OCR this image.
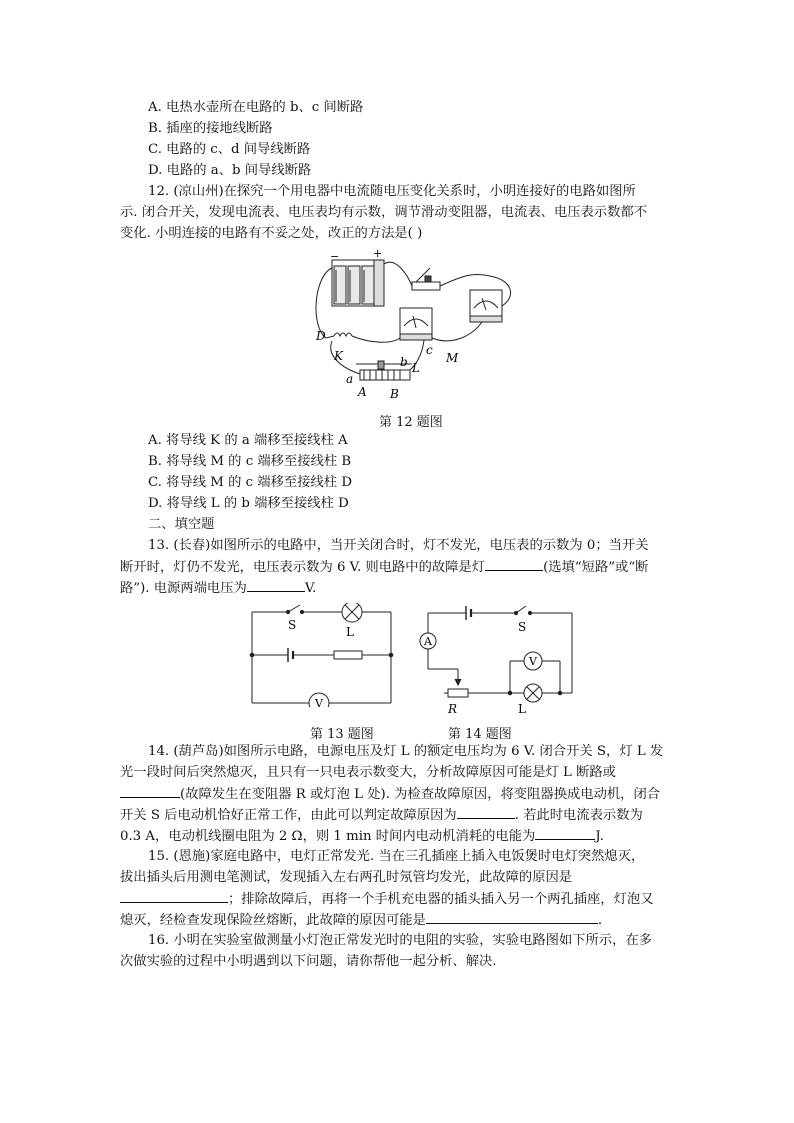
A. 电热水壶所在电路的 b、c 间断路
B. 插座的接地线断路
C. 电路的 c、d 间导线断路
D. 电路的 a、b 间导线断路
12. (凉山州)在探究一个用电器中电流随电压变化关系时，小明连接好的电路如图所
示. 闭合开关，发现电流表、电压表均有示数，调节滑动变阻器，电流表、电压表示数都不
变化. 小明连接的电路有不妥之处，改正的方法是( )
−	+
D
K
a
b L
c
M
A B
第 12 题图
A. 将导线 K 的 a 端移至接线柱 A
B. 将导线 M 的 c 端移至接线柱 B
C. 将导线 M 的 c 端移至接线柱 D
D. 将导线 L 的 b 端移至接线柱 D
二、填空题
13. (长春)如图所示的电路中，当开关闭合时，灯不发光，电压表的示数为 0；当开关
断开时，灯仍不发光，电压表示数为 6 V. 则电路中的故障是灯	(选填“短路”或“断
路”). 电源两端电压为	V.
S	L
V
A
S
V
R	L
第 13 题图	第 14 题图
14. (葫芦岛)如图所示电路，电源电压及灯 L 的额定电压均为 6 V. 闭合开关 S，灯 L 发
光一段时间后突然熄灭，且只有一只电表示数变大，分析故障原因可能是灯 L 断路或
(故障发生在变阻器 R 或灯泡 L 处). 为检查故障原因，将变阻器换成电动机，闭合
开关 S 后电动机恰好正常工作，由此可以判定故障原因为	. 若此时电流表示数为
0.3 A，电动机线圈电阻为 2 Ω，则 1 min 时间内电动机消耗的电能为	J.
15. (恩施)家庭电路中，电灯正常发光. 当在三孔插座上插入电饭煲时电灯突然熄灭，
拔出插头后用测电笔测试，发现插入左右两孔时氖管均发光，此故障的原因是
；排除故障后，再将一个手机充电器的插头插入另一个两孔插座，灯泡又
熄灭，经检查发现保险丝熔断，此故障的原因可能是	.
16. 小明在实验室做测量小灯泡正常发光时的电阻的实验，实验电路图如下所示，在多
次做实验的过程中小明遇到以下问题，请你帮他一起分析、解决.
